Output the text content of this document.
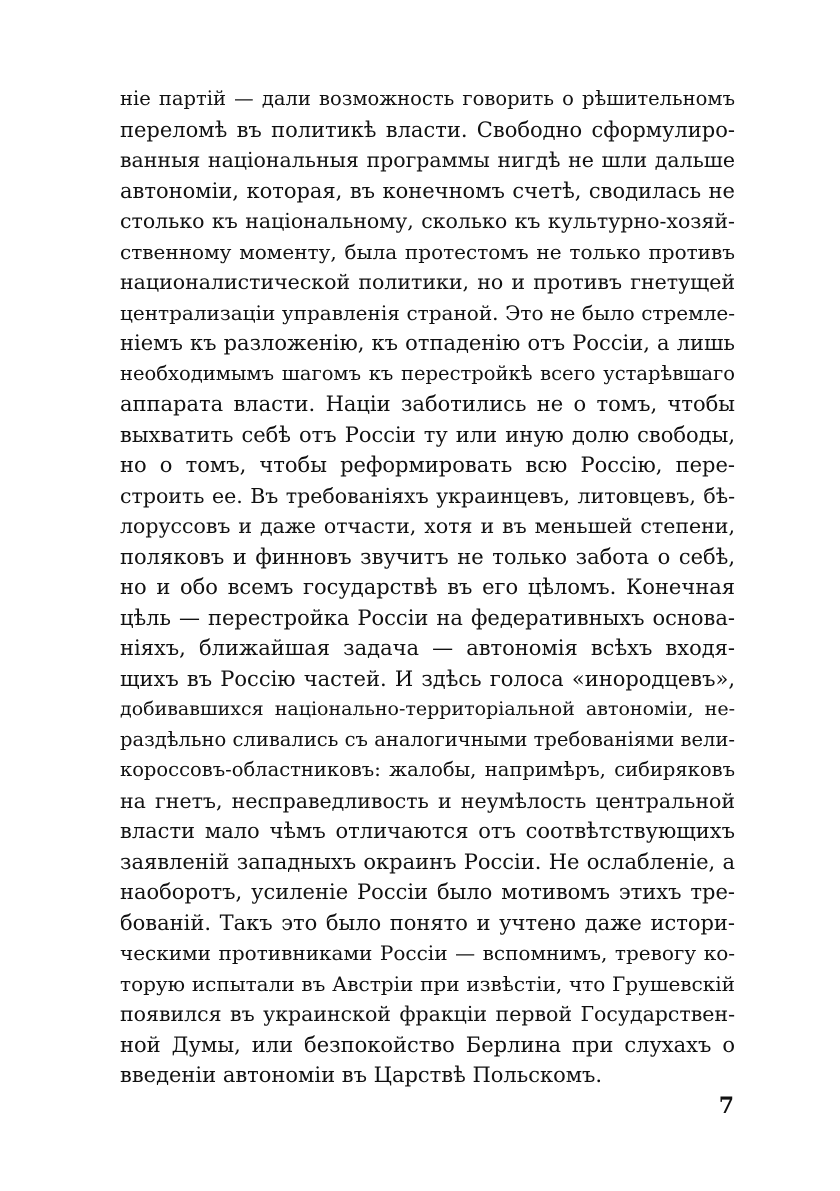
ніе партій — дали возможность говорить о рѣшительномъ
переломѣ въ политикѣ власти. Свободно сформулиро-
ванныя національныя программы нигдѣ не шли дальше
автономіи, которая, въ конечномъ счетѣ, сводилась не
столько къ національному, сколько къ культурно-хозяй-
ственному моменту, была протестомъ не только противъ
националистической политики, но и противъ гнетущей
централизаціи управленія страной. Это не было стремле-
ніемъ къ разложенію, къ отпаденію отъ Россіи, а лишь
необходимымъ шагомъ къ перестройкѣ всего устарѣвшаго
аппарата власти. Націи заботились не о томъ, чтобы
выхватить себѣ отъ Россіи ту или иную долю свободы,
но о томъ, чтобы реформировать всю Россію, пере-
строить ее. Въ требованіяхъ украинцевъ, литовцевъ, бѣ-
лоруссовъ и даже отчасти, хотя и въ меньшей степени,
поляковъ и финновъ звучитъ не только забота о себѣ,
но и обо всемъ государствѣ въ его цѣломъ. Конечная
цѣль — перестройка Россіи на федеративныхъ основа-
ніяхъ, ближайшая задача — автономія всѣхъ входя-
щихъ въ Россію частей. И здѣсь голоса «инородцевъ»,
добивавшихся національно-территоріальной автономіи, не-
раздѣльно сливались съ аналогичными требованіями вели-
короссовъ-областниковъ: жалобы, напримѣръ, сибиряковъ
на гнетъ, несправедливость и неумѣлость центральной
власти мало чѣмъ отличаются отъ соотвѣтствующихъ
заявленій западныхъ окраинъ Россіи. Не ослабленіе, а
наоборотъ, усиленіе Россіи было мотивомъ этихъ тре-
бованій. Такъ это было понято и учтено даже истори-
ческими противниками Россіи — вспомнимъ, тревогу ко-
торую испытали въ Австріи при извѣстіи, что Грушевскій
появился въ украинской фракціи первой Государствен-
ной Думы, или безпокойство Берлина при слухахъ о
введеніи автономіи въ Царствѣ Польскомъ.
7
